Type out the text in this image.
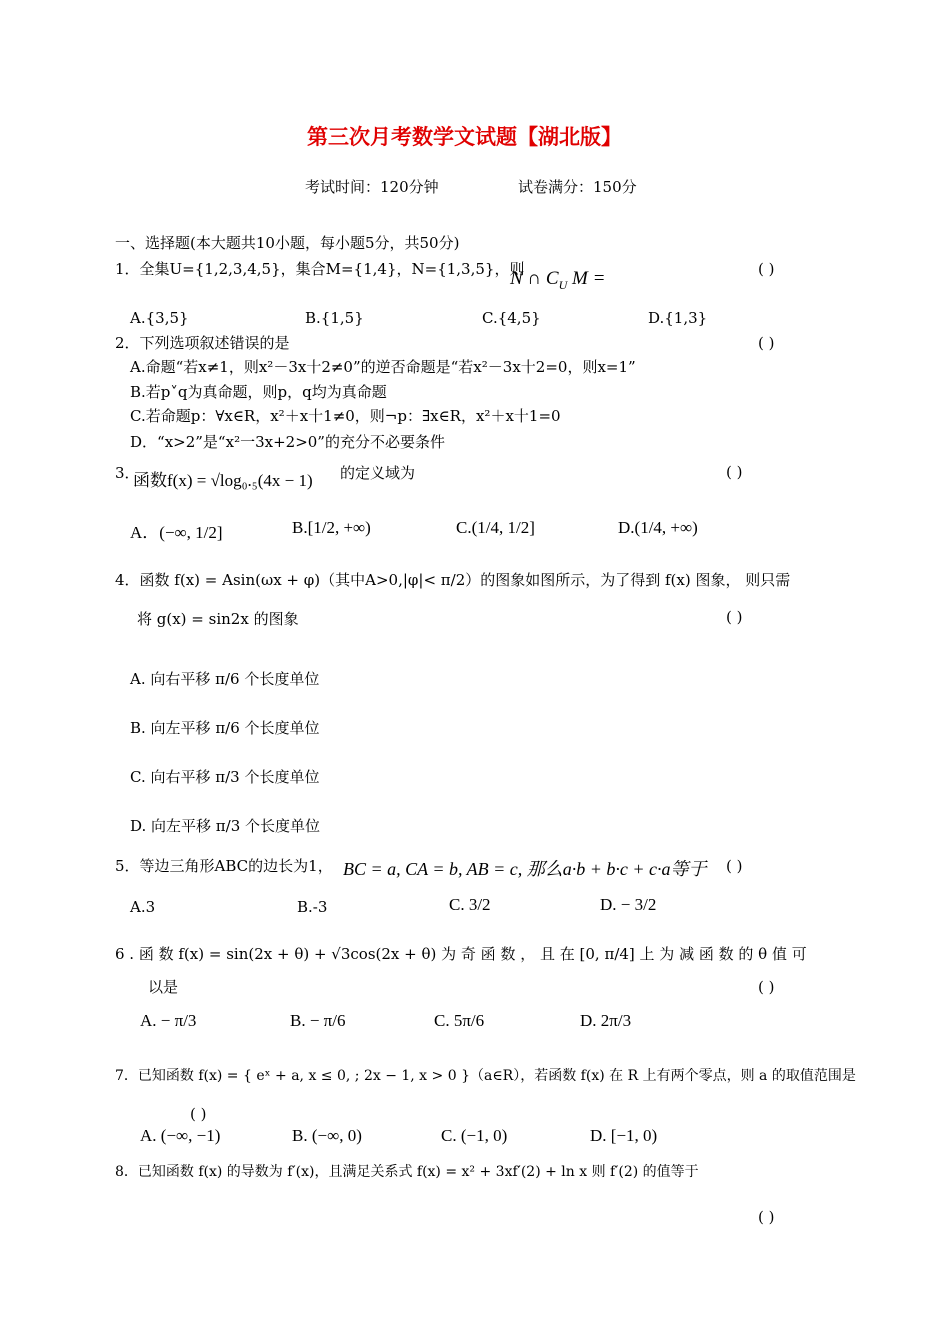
第三次月考数学文试题【湖北版】
考试时间：120分钟	试卷满分：150分
一、选择题(本大题共10小题，每小题5分，共50分)
1．全集U={1,2,3,4,5}，集合M={1,4}，N={1,3,5}，则
N ∩ $C_U$ M =	( )
A.{3,5}	B.{1,5}	C.{4,5}	D.{1,3}
2．下列选项叙述错误的是	( )
A.命题“若x≠1，则x²－3x十2≠0”的逆否命题是“若x²－3x十2=0，则x=1”
B.若p˅q为真命题，则p，q均为真命题
C.若命题p：∀x∈R，x²＋x十1≠0，则¬p：∃x∈R，x²＋x十1=0
D．“x>2”是“x²一3x+2>0”的充分不必要条件
3．
函数f(x) = √log₀.₅(4x − 1) 的定义域为	( )
A．(−∞, 1/2]	B.[1/2, +∞)	C.(1/4, 1/2]	D.(1/4, +∞)
4．函数 f(x) = Asin(ωx + φ)（其中A>0,|φ|< π/2）的图象如图所示，为了得到 f(x) 图象， 则只需
将 g(x) = sin2x 的图象	( )
A. 向右平移 π/6 个长度单位
B. 向左平移 π/6 个长度单位
C. 向右平移 π/3 个长度单位
D. 向左平移 π/3 个长度单位
5．等边三角形ABC的边长为1， BC = a, CA = b, AB = c, 那么a·b + b·c + c·a等于 ( )
A.3	B.-3	C. 3/2	D. − 3/2
6 . 函 数 f(x) = sin(2x + θ) + √3cos(2x + θ) 为 奇 函 数 ， 且 在 [0, π/4] 上 为 减 函 数 的 θ 值 可
以是	( )
A. − π/3	B. − π/6	C. 5π/6	D. 2π/3
7．已知函数 f(x) = { eˣ + a, x ≤ 0, ; 2x − 1, x > 0 }（a∈R），若函数 f(x) 在 R 上有两个零点，则 a 的取值范围是
( )
A. (−∞, −1)	B. (−∞, 0)	C. (−1, 0)	D. [−1, 0)
8．已知函数 f(x) 的导数为 f′(x)，且满足关系式 f(x) = x² + 3xf′(2) + ln x 则 f′(2) 的值等于
( )
